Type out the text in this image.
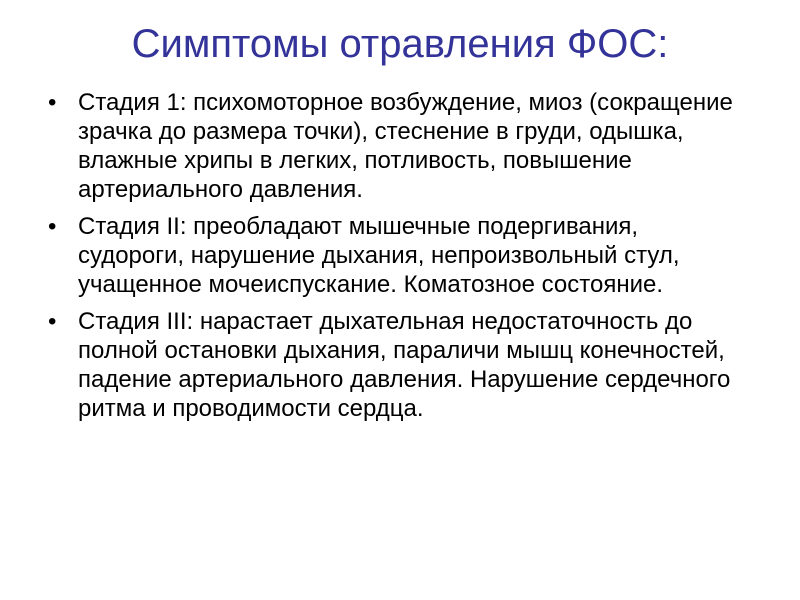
Симптомы отравления ФОС:
• Стадия 1: психомоторное возбуждение, миоз (сокращение зрачка до размера точки), стеснение в груди, одышка, влажные хрипы в легких, потливость, повышение артериального давления.
• Стадия II: преобладают мышечные подергивания, судороги, нарушение дыхания, непроизвольный стул, учащенное мочеиспускание. Коматозное состояние.
• Стадия III: нарастает дыхательная недостаточность до полной остановки дыхания, параличи мышц конечностей, падение артериального давления. Нарушение сердечного ритма и проводимости сердца.
